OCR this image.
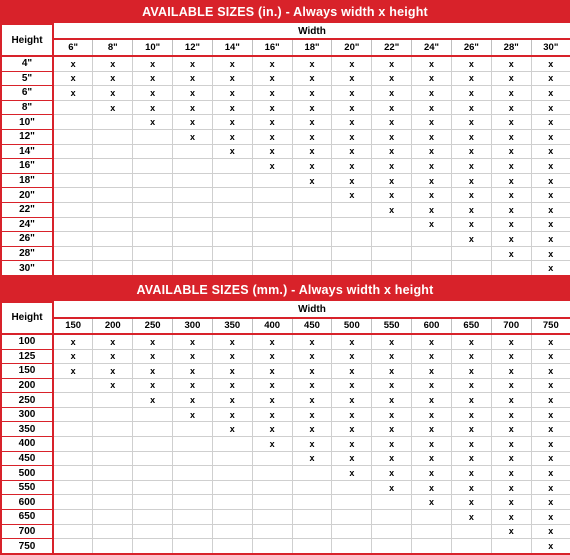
AVAILABLE SIZES (in.) - Always width x height
Height	Width												
	6"	8"	10"	12"	14"	16"	18"	20"	22"	24"	26"	28"	30"
4"	x	x	x	x	x	x	x	x	x	x	x	x	x
5"	x	x	x	x	x	x	x	x	x	x	x	x	x
6"	x	x	x	x	x	x	x	x	x	x	x	x	x
8"		x	x	x	x	x	x	x	x	x	x	x	x
10"			x	x	x	x	x	x	x	x	x	x	x
12"				x	x	x	x	x	x	x	x	x	x
14"					x	x	x	x	x	x	x	x	x
16"						x	x	x	x	x	x	x	x
18"							x	x	x	x	x	x	x
20"								x	x	x	x	x	x
22"									x	x	x	x	x
24"										x	x	x	x
26"											x	x	x
28"												x	x
30"													x
AVAILABLE SIZES (mm.) - Always width x height
Height	Width												
	150	200	250	300	350	400	450	500	550	600	650	700	750
100	x	x	x	x	x	x	x	x	x	x	x	x	x
125	x	x	x	x	x	x	x	x	x	x	x	x	x
150	x	x	x	x	x	x	x	x	x	x	x	x	x
200		x	x	x	x	x	x	x	x	x	x	x	x
250			x	x	x	x	x	x	x	x	x	x	x
300				x	x	x	x	x	x	x	x	x	x
350					x	x	x	x	x	x	x	x	x
400						x	x	x	x	x	x	x	x
450							x	x	x	x	x	x	x
500								x	x	x	x	x	x
550									x	x	x	x	x
600										x	x	x	x
650											x	x	x
700												x	x
750													x
